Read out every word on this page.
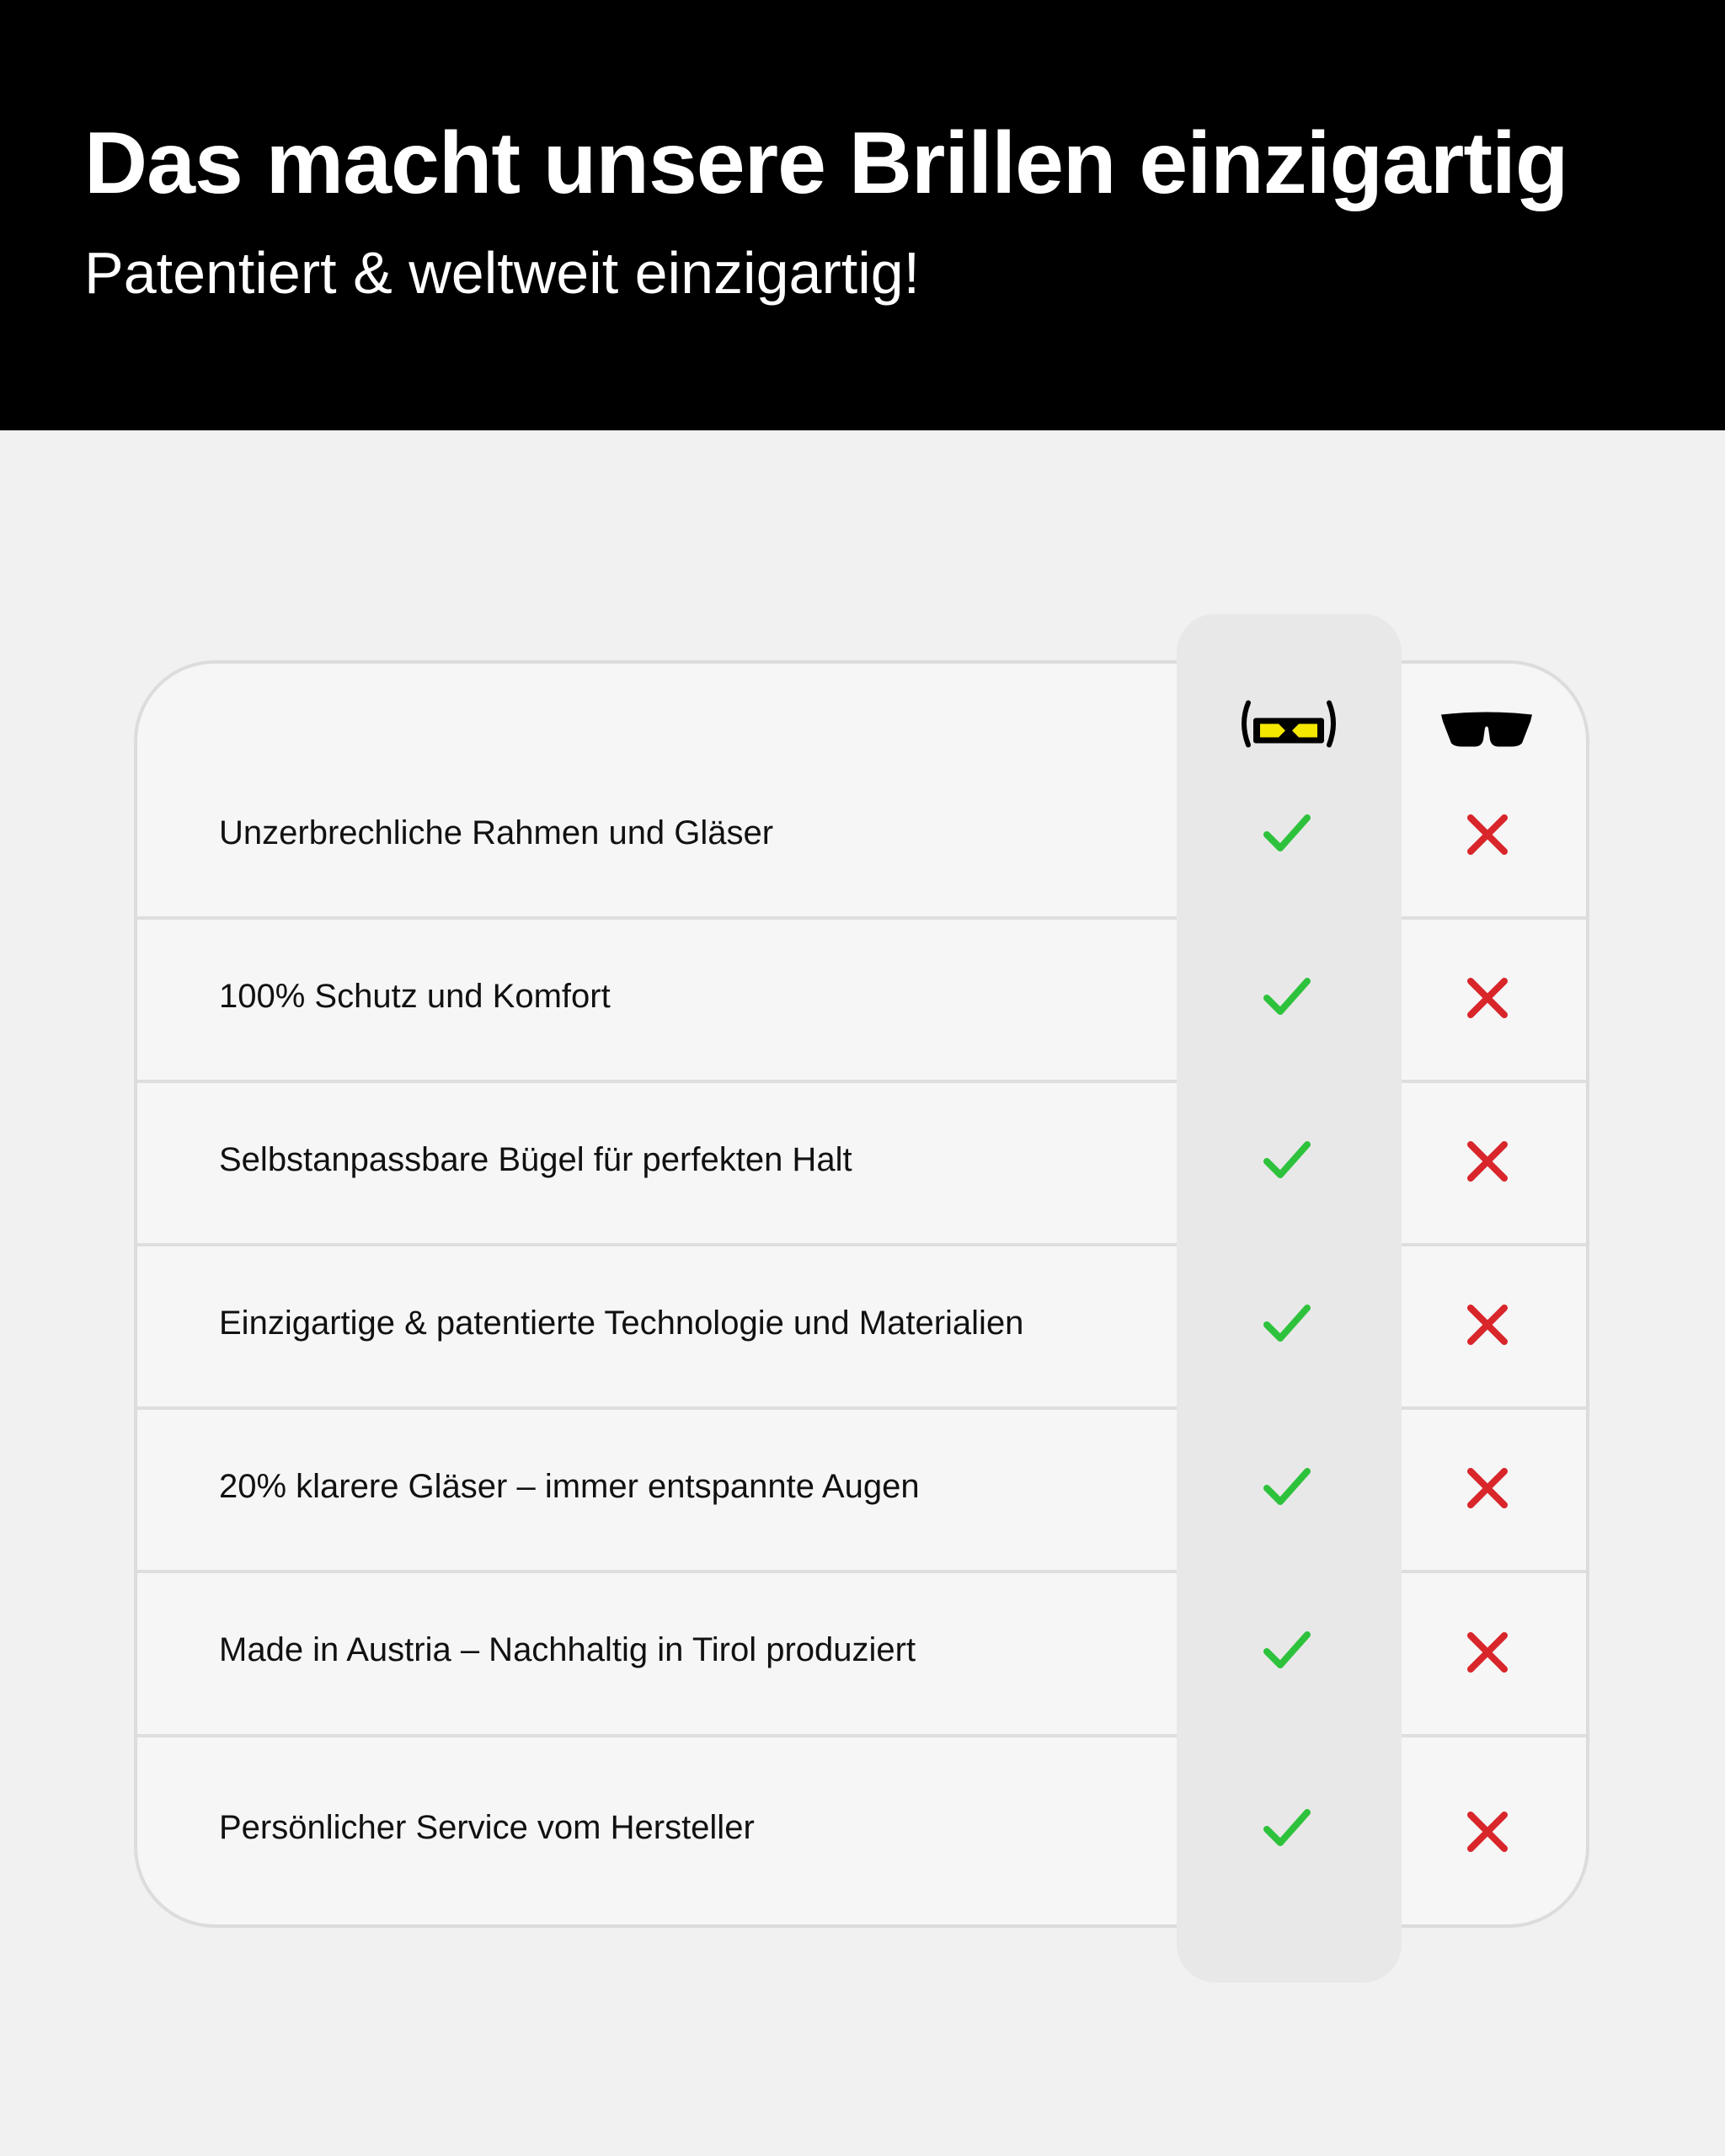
Das macht unsere Brillen einzigartig
Patentiert & weltweit einzigartig!
Unzerbrechliche Rahmen und Gläser
100% Schutz und Komfort
Selbstanpassbare Bügel für perfekten Halt
Einzigartige & patentierte Technologie und Materialien
20% klarere Gläser – immer entspannte Augen
Made in Austria – Nachhaltig in Tirol produziert
Persönlicher Service vom Hersteller
